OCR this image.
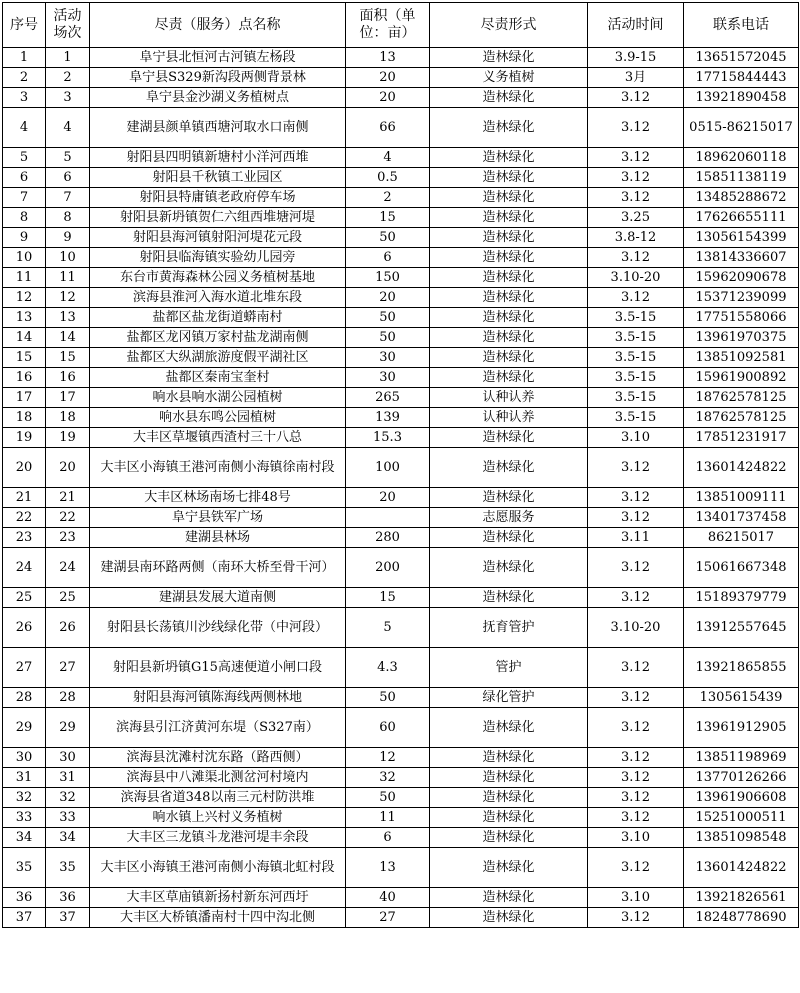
序号	活动场次	尽责（服务）点名称	面积（单位：亩）	尽责形式	活动时间	联系电话
1	1	阜宁县北恒河古河镇左杨段	13	造林绿化	3.9-15	13651572045
2	2	阜宁县S329新沟段两侧背景林	20	义务植树	3月	17715844443
3	3	阜宁县金沙湖义务植树点	20	造林绿化	3.12	13921890458
4	4	建湖县颜单镇西塘河取水口南侧	66	造林绿化	3.12	0515-86215017
5	5	射阳县四明镇新塘村小洋河西堆	4	造林绿化	3.12	18962060118
6	6	射阳县千秋镇工业园区	0.5	造林绿化	3.12	15851138119
7	7	射阳县特庸镇老政府停车场	2	造林绿化	3.12	13485288672
8	8	射阳县新坍镇贺仁六组西堆塘河堤	15	造林绿化	3.25	17626655111
9	9	射阳县海河镇射阳河堤花元段	50	造林绿化	3.8-12	13056154399
10	10	射阳县临海镇实验幼儿园旁	6	造林绿化	3.12	13814336607
11	11	东台市黄海森林公园义务植树基地	150	造林绿化	3.10-20	15962090678
12	12	滨海县淮河入海水道北堆东段	20	造林绿化	3.12	15371239099
13	13	盐都区盐龙街道蟒南村	50	造林绿化	3.5-15	17751558066
14	14	盐都区龙冈镇万家村盐龙湖南侧	50	造林绿化	3.5-15	13961970375
15	15	盐都区大纵湖旅游度假平湖社区	30	造林绿化	3.5-15	13851092581
16	16	盐都区秦南宝奎村	30	造林绿化	3.5-15	15961900892
17	17	响水县响水湖公园植树	265	认种认养	3.5-15	18762578125
18	18	响水县东鸣公园植树	139	认种认养	3.5-15	18762578125
19	19	大丰区草堰镇西渣村三十八总	15.3	造林绿化	3.10	17851231917
20	20	大丰区小海镇王港河南侧小海镇徐南村段	100	造林绿化	3.12	13601424822
21	21	大丰区林场南场七排48号	20	造林绿化	3.12	13851009111
22	22	阜宁县铁军广场		志愿服务	3.12	13401737458
23	23	建湖县林场	280	造林绿化	3.11	86215017
24	24	建湖县南环路两侧（南环大桥至骨干河）	200	造林绿化	3.12	15061667348
25	25	建湖县发展大道南侧	15	造林绿化	3.12	15189379779
26	26	射阳县长荡镇川沙线绿化带（中河段）	5	抚育管护	3.10-20	13912557645
27	27	射阳县新坍镇G15高速便道小闸口段	4.3	管护	3.12	13921865855
28	28	射阳县海河镇陈海线两侧林地	50	绿化管护	3.12	1305615439
29	29	滨海县引江济黄河东堤（S327南）	60	造林绿化	3.12	13961912905
30	30	滨海县沈滩村沈东路（路西侧）	12	造林绿化	3.12	13851198969
31	31	滨海县中八滩渠北测岔河村境内	32	造林绿化	3.12	13770126266
32	32	滨海县省道348以南三元村防洪堆	50	造林绿化	3.12	13961906608
33	33	响水镇上兴村义务植树	11	造林绿化	3.12	15251000511
34	34	大丰区三龙镇斗龙港河堤丰余段	6	造林绿化	3.10	13851098548
35	35	大丰区小海镇王港河南侧小海镇北虹村段	13	造林绿化	3.12	13601424822
36	36	大丰区草庙镇新扬村新东河西圩	40	造林绿化	3.10	13921826561
37	37	大丰区大桥镇潘南村十四中沟北侧	27	造林绿化	3.12	18248778690
